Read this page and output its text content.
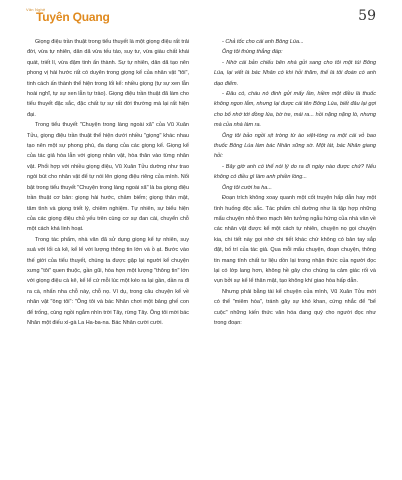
Văn Nghệ
Tuyên Quang	59

Giọng điệu trần thuật trong tiểu thuyết là một giọng điệu rất trải đời, vừa tự nhiên, dân dã vừa tếu táo, suy tư, vừa giàu chất khái quát, triết lí, vừa đậm tinh ẩn thành. Sự tự nhiên, dân dã tạo nên phong vị hài hước rất có duyên trong giọng kể của nhân vật "tôi", tinh cách ấn thành thể hiện trong lối kể: nhiều giọng (tự sự xen lẫn hoài nghĩ, tự sự xen lẫn tự trào). Giọng điệu trần thuật đã làm cho tiểu thuyết đặc sắc, đặc chất tự sự rất đời thường mà lại rất hiện đại.

Trong tiểu thuyết "Chuyện trong làng ngoài xã" của Vũ Xuân Tửu, giọng điệu trần thuật thể hiện dưới nhiều "giọng" khác nhau tạo nên một sự phong phú, đa dạng của các giọng kể. Giọng kể của tác giả hòa lẫn với giọng nhân vật, hòa thân vào từng nhân vật. Phối hợp với nhiều giọng điệu, Vũ Xuân Tửu dường như trao ngòi bút cho nhân vật để tự nói lên giọng điệu riêng của mình. Nổi bật trong tiểu thuyết "Chuyện trong làng ngoài xã" là ba giọng điệu trần thuật cơ bản: giọng hài hước, châm biếm; giọng thân mật, tâm tình và giọng triết lý, chiêm nghiệm. Tự nhiên, sự biểu hiện của các giọng điệu chủ yếu trên cùng cơ sự đan cài, chuyển chỗ một cách khá linh hoạt.

Trong tác phẩm, nhà văn đã sử dụng giọng kể tự nhiên, suy suả với lối cà kê, kể lể với lượng thông tin lớn và ồ ạt. Bước vào thế giới của tiểu thuyết, chúng ta được gặp lại người kể chuyện xưng "tôi" quen thuộc, gần gũi, hòa hợn một lượng "thông tin" lớn với giọng điệu cà kê, kể lể cứ mỗi lúc một kéo ra lại gần, dần ra đi ra cà, nhẩn nha chỗ này, chỗ nọ. Ví dụ, trong câu chuyện kể về nhân vật "ông tôi": "Ông tôi và bác Nhân chơi một bảng ghế con để trống, cùng ngồi ngắm nhìn trời Tây, rừng Tây. Ông tôi mời bác Nhân một điếu xì-gà La Ha-ba-na. Bác Nhân cười cười.

- Chả tốc cho cái anh Bông Lúa...

Ông tôi thùng thẳng đáp:

- Nhờ cái bản chiếu bên nhà gửi sang cho tôi một túi Bông Lúa, lại viết là bác Nhân có khi hỏi thăm, thế là tôi đoán có anh dạo điếm.

- Đâu có, cháu nó đinh gửi mấy lần, hiềm một điều là thuốc không ngon lắm, nhưng lại được cái tên Bông Lúa, biết đâu lại gợi cho bố nhớ tới đồng lúa, bờ tre, mái ra... hồi nặng nặng lò, nhưng mà của nhà làm ra.

Ông tôi bảo ngồi xịt tròng từ ào việt-tòng ra một cái vỏ bao thuốc Bông Lúa làm bác Nhân sững sờ. Một lát, bác Nhân giang hỏi:

- Bây giờ anh có thể nói lý do ra đi ngày nào được chứ? Nếu không có điều gì làm anh phiền lòng...

Ông tôi cười ha ha...

Đoạn trích không xoay quanh một cốt truyện hấp dẫn hay một tình huống độc sắc. Tác phẩm chỉ dường như là tập hợp những mẩu chuyện nhỏ theo mạch liên tưởng ngẫu hứng của nhà văn về các nhân vật được kể một cách tự nhiên, chuyện nọ gọi chuyện kia, chi tiết này gọi nhớ chi tiết khác chứ không có bản tay sắp đặt, bố trí của tác giả. Qua mỗi mẩu chuyện, đoạn chuyện, thông tin mang tính chất tư liệu dồn lại trong nhận thức của người đọc lại có lớp lang hơn, không hề gây cho chúng ta cảm giác rối và vụn bởi sự kể lể thân mật, tạo không khí giao hòa hấp dẫn.

Nhưng phải bằng tài kể chuyện của mình, Vũ Xuân Tửu mới có thể "miêm hòa", tránh gây sự khó khan, cứng nhắc để "bể cuộc" những kiến thức văn hóa đang quý cho người đọc như trong đoạn:
